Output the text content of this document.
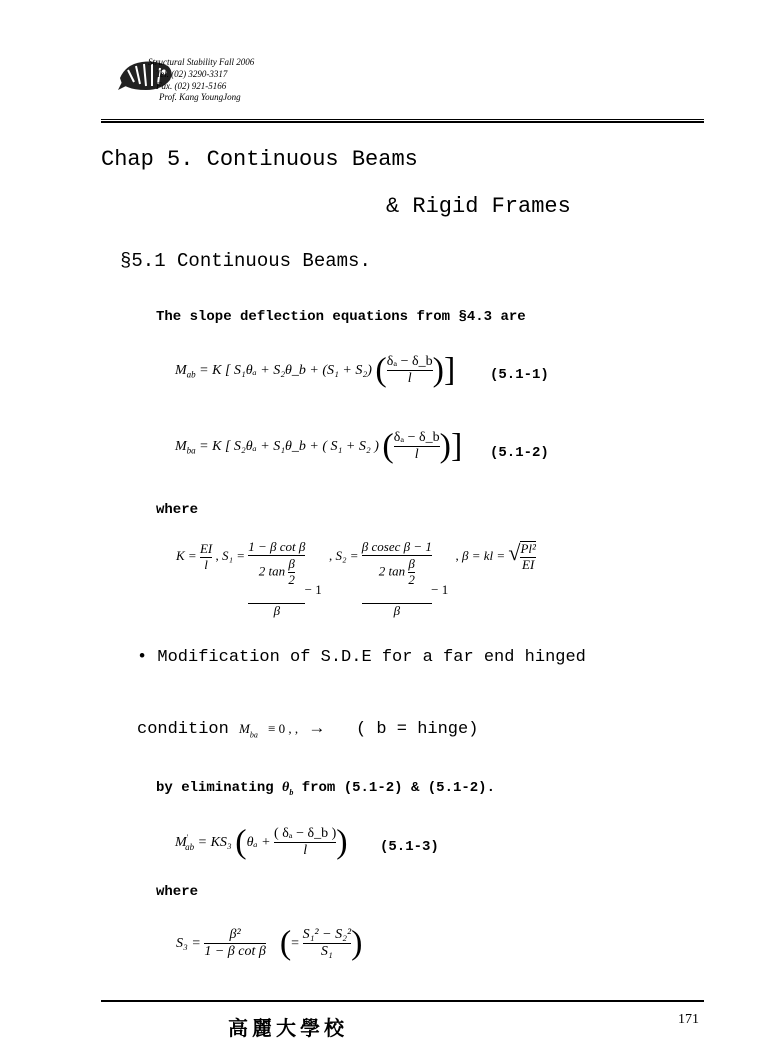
Structural Stability Fall 2006
Tel. (02) 3290-3317
Fax. (02) 921-5166
Prof. Kang YoungJong
Chap 5. Continuous Beams
& Rigid Frames
§5.1 Continuous Beams.
The slope deflection equations from §4.3 are
$M_{ab} = K$ [ S₁θₐ + S₂θ_b + (S₁ + S₂) ( $\frac{\text{δₐ − δ\_b}}{l}$ )] (5.1-1)
$M_{ba} = K$ [ S₂θₐ + S₁θ_b + ( S₁ + S₂ ) ( $\frac{\text{δₐ − δ\_b}}{l}$ )] (5.1-2)
where
$K = \frac{EI}{l}$ , S₁ = 1 − β cot β
2 $\tan \frac{\beta}{2}$

β − 1 , S₂ = β cosec β − 1
2 $\tan \frac{\beta}{2}$

β − 1 , β = kl = √ $\frac{\text{Pl²}}{EI}$
• Modification of S.D.E for a far end hinged
condition $M_{ba} \equiv 0$ , , → ( b = hinge)
by eliminating $\theta_b$ from (5.1-2) & (5.1-2).
$M'_{ab} = KS_3$ ($\theta_a + \frac{\text{( δₐ − δ\_b )}}{l}$ ) (5.1-3)
where
$S_3 = \frac{\text{β²}}{\text{1 − β cot β}}$ (= $\frac{\text{S₁² − S₂²}}{\text{S₁}}$ )
高麗大學校	171
